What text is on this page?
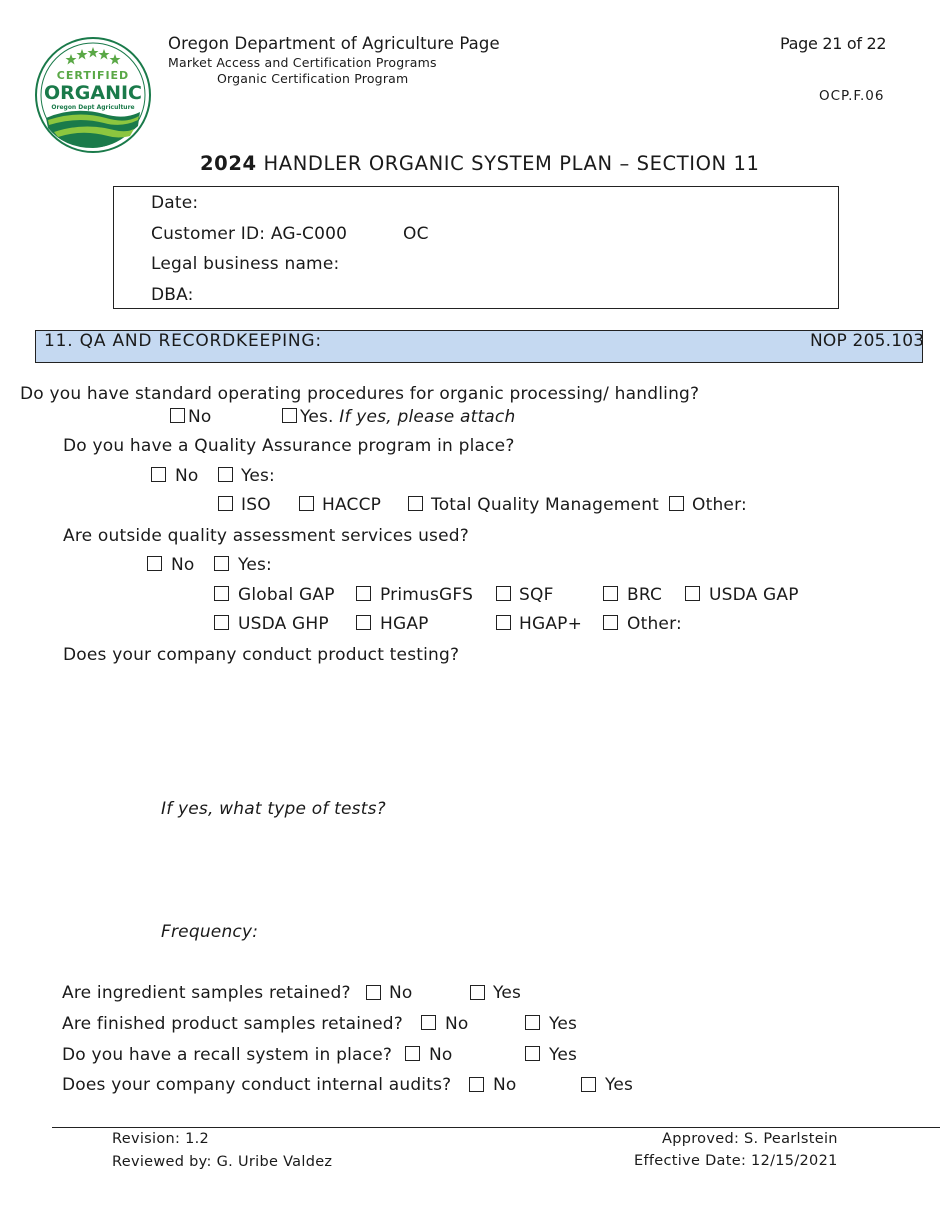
CERTIFIED
ORGANIC
Oregon Dept Agriculture
Oregon Department of Agriculture Page
Market Access and Certification Programs
Organic Certification Program
Page 21 of 22
OCP.F.06
2024 HANDLER ORGANIC SYSTEM PLAN – SECTION 11
Date:
Customer ID: AG-C000	OC
Legal business name:
DBA:
11. QA AND RECORDKEEPING:	NOP 205.103
Do you have standard operating procedures for organic processing/ handling?
No	Yes. If yes, please attach
Do you have a Quality Assurance program in place?
No Yes:
ISO	HACCP	Total Quality Management Other:
Are outside quality assessment services used?
No	Yes:
Global GAP	PrimusGFS	SQF	BRC	USDA GAP
USDA GHP	HGAP	HGAP+	Other:
Does your company conduct product testing?
If yes, what type of tests?
Frequency:
Are ingredient samples retained? No	Yes
Are finished product samples retained? No	Yes
Do you have a recall system in place? No	Yes
Does your company conduct internal audits? No	Yes
Revision: 1.2
Reviewed by: G. Uribe Valdez
Approved: S. Pearlstein
Effective Date: 12/15/2021
